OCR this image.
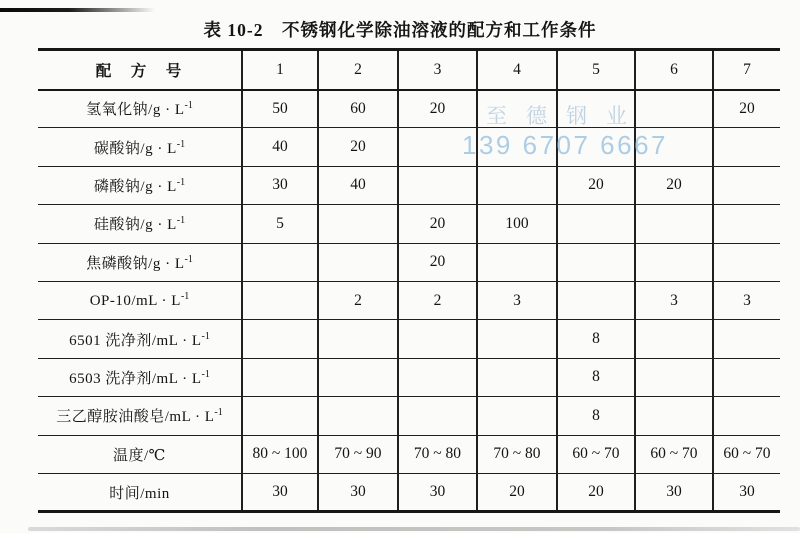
表 10-2　不锈钢化学除油溶液的配方和工作条件
配　方　号	1	2	3	4	5	6	7
氢氧化钠$/g \cdot L^{-1}$	50	60	20				20
碳酸钠$/g \cdot L^{-1}$	40	20					
磷酸钠$/g \cdot L^{-1}$	30	40			20	20	
硅酸钠$/g \cdot L^{-1}$	5		20	100			
焦磷酸钠$/g \cdot L^{-1}$			20				
$OP-10/mL \cdot L^{-1}$		2	2	3		3	3
6501 洗净剂$/mL \cdot L^{-1}$					8		
6503 洗净剂$/mL \cdot L^{-1}$					8		
三乙醇胺油酸皂$/mL \cdot L^{-1}$					8		
温度/℃	80 ~ 100	70 ~ 90	70 ~ 80	70 ~ 80	60 ~ 70	60 ~ 70	60 ~ 70
时间/min	30	30	30	20	20	30	30
至德钢业
139 6707 6667
